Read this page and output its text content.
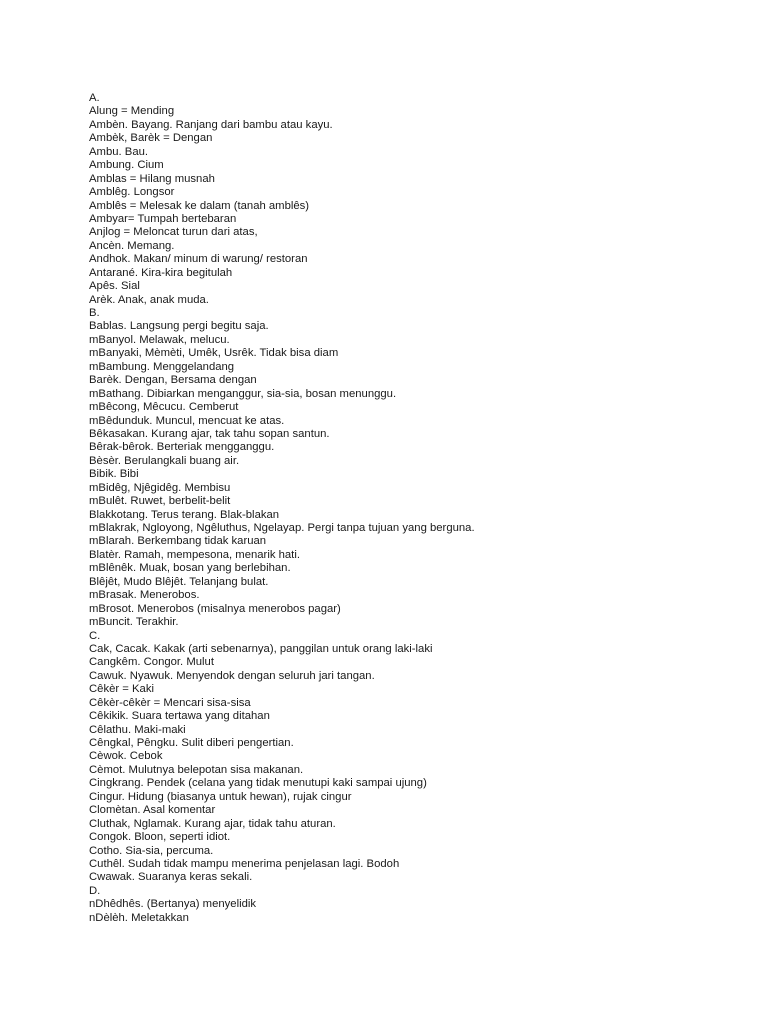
A.
Alung = Mending
Ambèn. Bayang. Ranjang dari bambu atau kayu.
Ambèk, Barèk = Dengan
Ambu. Bau.
Ambung. Cium
Amblas = Hilang musnah
Amblêg. Longsor
Amblês = Melesak ke dalam (tanah amblês)
Ambyar= Tumpah bertebaran
Anjlog = Meloncat turun dari atas,
Ancèn. Memang.
Andhok. Makan/ minum di warung/ restoran
Antarané. Kira-kira begitulah
Apês. Sial
Arèk. Anak, anak muda.
B.
Bablas. Langsung pergi begitu saja.
mBanyol. Melawak, melucu.
mBanyaki, Mèmèti, Umêk, Usrêk. Tidak bisa diam
mBambung. Menggelandang
Barèk. Dengan, Bersama dengan
mBathang. Dibiarkan menganggur, sia-sia, bosan menunggu.
mBêcong, Mêcucu. Cemberut
mBêdunduk. Muncul, mencuat ke atas.
Bêkasakan. Kurang ajar, tak tahu sopan santun.
Bêrak-bêrok. Berteriak mengganggu.
Bèsèr. Berulangkali buang air.
Bibik. Bibi
mBidêg, Njêgidêg. Membisu
mBulêt. Ruwet, berbelit-belit
Blakkotang. Terus terang. Blak-blakan
mBlakrak, Ngloyong, Ngêluthus, Ngelayap. Pergi tanpa tujuan yang berguna.
mBlarah. Berkembang tidak karuan
Blatèr. Ramah, mempesona, menarik hati.
mBlênêk. Muak, bosan yang berlebihan.
Blêjêt, Mudo Blêjêt. Telanjang bulat.
mBrasak. Menerobos.
mBrosot. Menerobos (misalnya menerobos pagar)
mBuncit. Terakhir.
C.
Cak, Cacak. Kakak (arti sebenarnya), panggilan untuk orang laki-laki
Cangkêm. Congor. Mulut
Cawuk. Nyawuk. Menyendok dengan seluruh jari tangan.
Cêkèr = Kaki
Cêkèr-cêkèr = Mencari sisa-sisa
Cêkikik. Suara tertawa yang ditahan
Cêlathu. Maki-maki
Cêngkal, Pêngku. Sulit diberi pengertian.
Cèwok. Cebok
Cèmot. Mulutnya belepotan sisa makanan.
Cingkrang. Pendek (celana yang tidak menutupi kaki sampai ujung)
Cingur. Hidung (biasanya untuk hewan), rujak cingur
Clomètan. Asal komentar
Cluthak, Nglamak. Kurang ajar, tidak tahu aturan.
Congok. Bloon, seperti idiot.
Cotho. Sia-sia, percuma.
Cuthêl. Sudah tidak mampu menerima penjelasan lagi. Bodoh
Cwawak. Suaranya keras sekali.
D.
nDhêdhês. (Bertanya) menyelidik
nDèlèh. Meletakkan
